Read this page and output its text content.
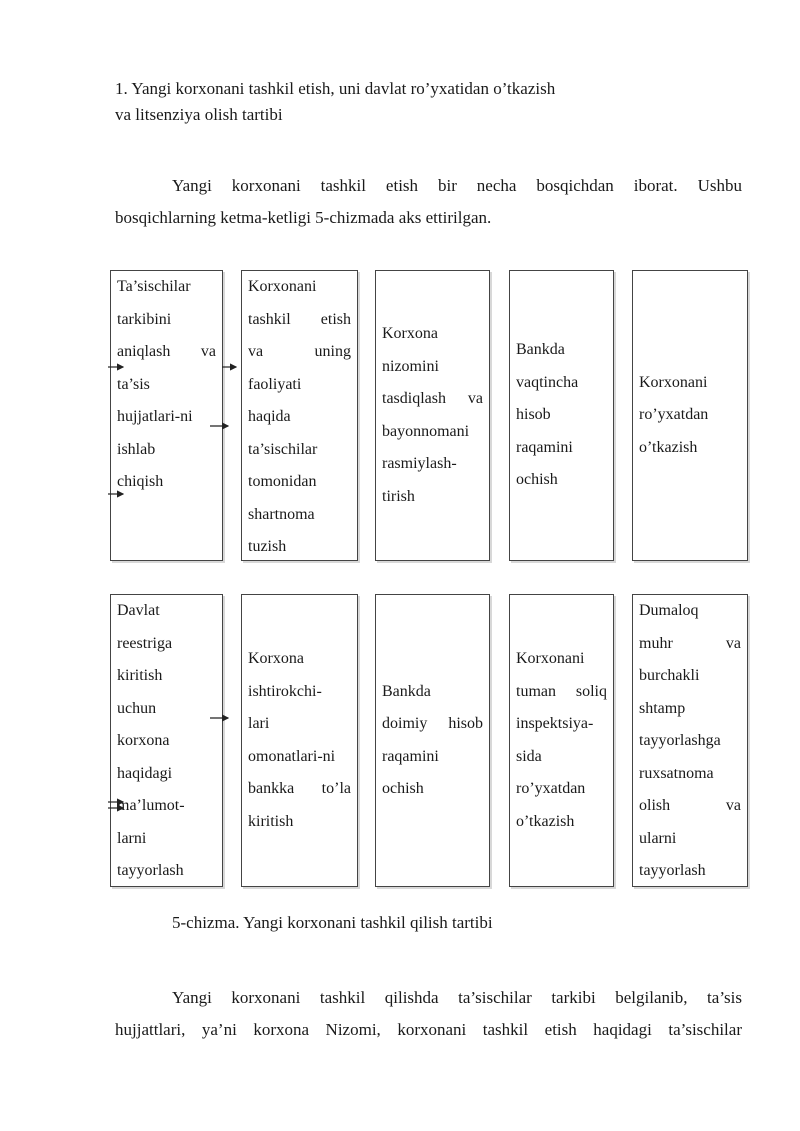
1. Yangi korxonani tashkil etish, uni davlat ro’yxatidan o’tkazish
va litsenziya olish tartibi
Yangi korxonani tashkil etish bir necha bosqichdan iborat. Ushbu
bosqichlarning ketma-ketligi 5-chizmada aks ettirilgan.
Ta’sischilar
tarkibini
aniqlash va
ta’sis
hujjatlari-ni
ishlab
chiqish
Korxonani
tashkil etish
va uning
faoliyati
haqida
ta’sischilar
tomonidan
shartnoma
tuzish
Korxona
nizomini
tasdiqlash va
bayonnomani
rasmiylash-
tirish
Bankda
vaqtincha
hisob
raqamini
ochish
Korxonani
ro’yxatdan
o’tkazish
Davlat
reestriga
kiritish
uchun
korxona
haqidagi
ma’lumot-
larni
tayyorlash
Korxona
ishtirokchi-
lari
omonatlari-ni
bankka to’la
kiritish
Bankda
doimiy hisob
raqamini
ochish
Korxonani
tuman soliq
inspektsiya-
sida
ro’yxatdan
o’tkazish
Dumaloq
muhr va
burchakli
shtamp
tayyorlashga
ruxsatnoma
olish va
ularni
tayyorlash
5-chizma. Yangi korxonani tashkil qilish tartibi
Yangi korxonani tashkil qilishda ta’sischilar tarkibi belgilanib, ta’sis
hujjattlari, ya’ni korxona Nizomi, korxonani tashkil etish haqidagi ta’sischilar
